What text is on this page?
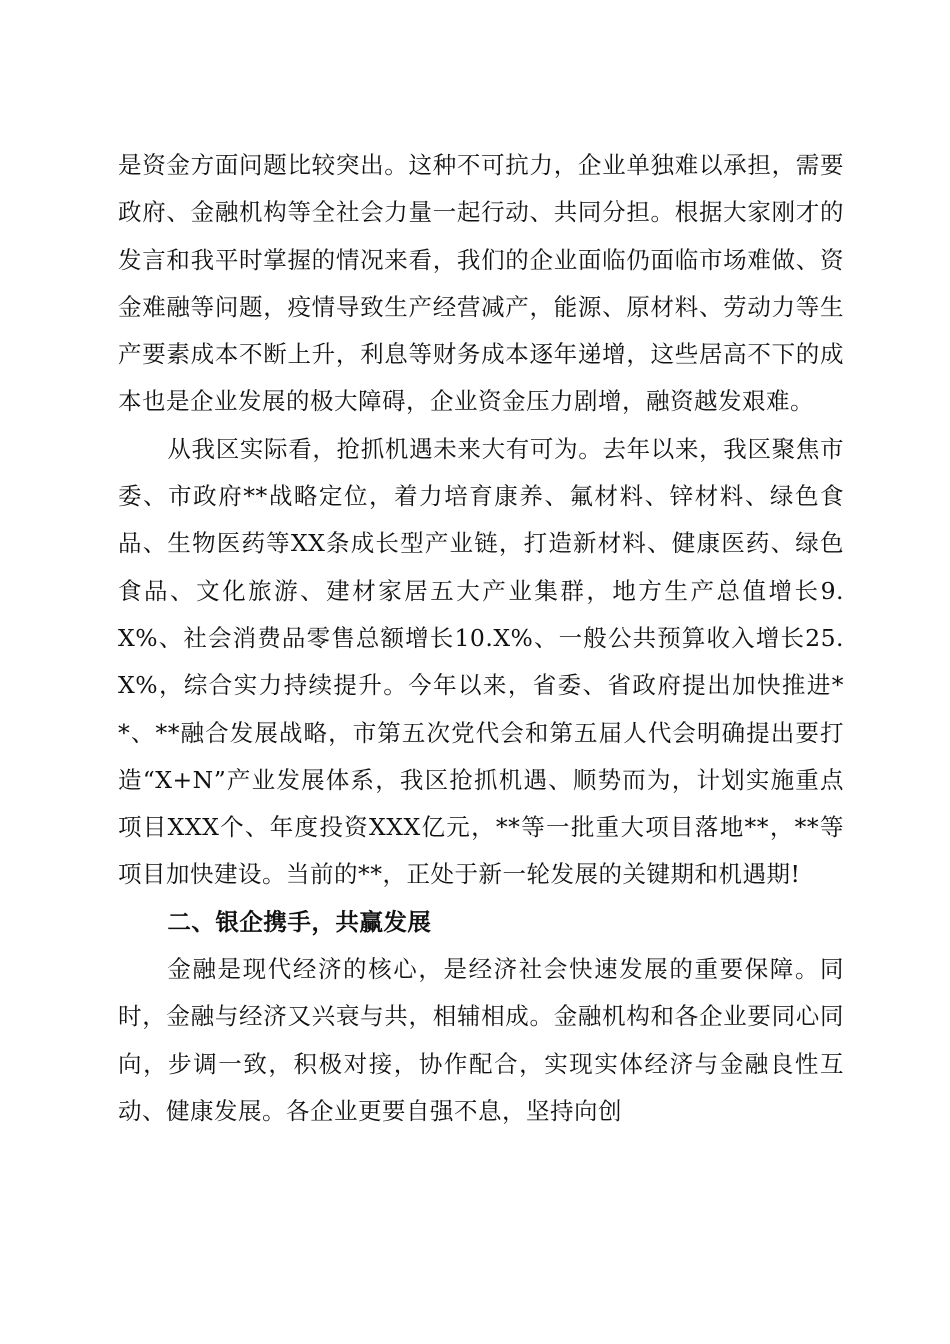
是资金方面问题比较突出。这种不可抗力，企业单独难以承担，需要政府、金融机构等全社会力量一起行动、共同分担。根据大家刚才的发言和我平时掌握的情况来看，我们的企业面临仍面临市场难做、资金难融等问题，疫情导致生产经营减产，能源、原材料、劳动力等生产要素成本不断上升，利息等财务成本逐年递增，这些居高不下的成本也是企业发展的极大障碍，企业资金压力剧增，融资越发艰难。

从我区实际看，抢抓机遇未来大有可为。去年以来，我区聚焦市委、市政府**战略定位，着力培育康养、氟材料、锌材料、绿色食品、生物医药等XX条成长型产业链，打造新材料、健康医药、绿色食品、文化旅游、建材家居五大产业集群，地方生产总值增长9.X%、社会消费品零售总额增长10.X%、一般公共预算收入增长25.X%，综合实力持续提升。今年以来，省委、省政府提出加快推进**、**融合发展战略，市第五次党代会和第五届人代会明确提出要打造“X+N”产业发展体系，我区抢抓机遇、顺势而为，计划实施重点项目XXX个、年度投资XXX亿元，**等一批重大项目落地**，**等项目加快建设。当前的**，正处于新一轮发展的关键期和机遇期!

二、银企携手，共赢发展

金融是现代经济的核心，是经济社会快速发展的重要保障。同时，金融与经济又兴衰与共，相辅相成。金融机构和各企业要同心同向，步调一致，积极对接，协作配合，实现实体经济与金融良性互动、健康发展。各企业更要自强不息，坚持向创
